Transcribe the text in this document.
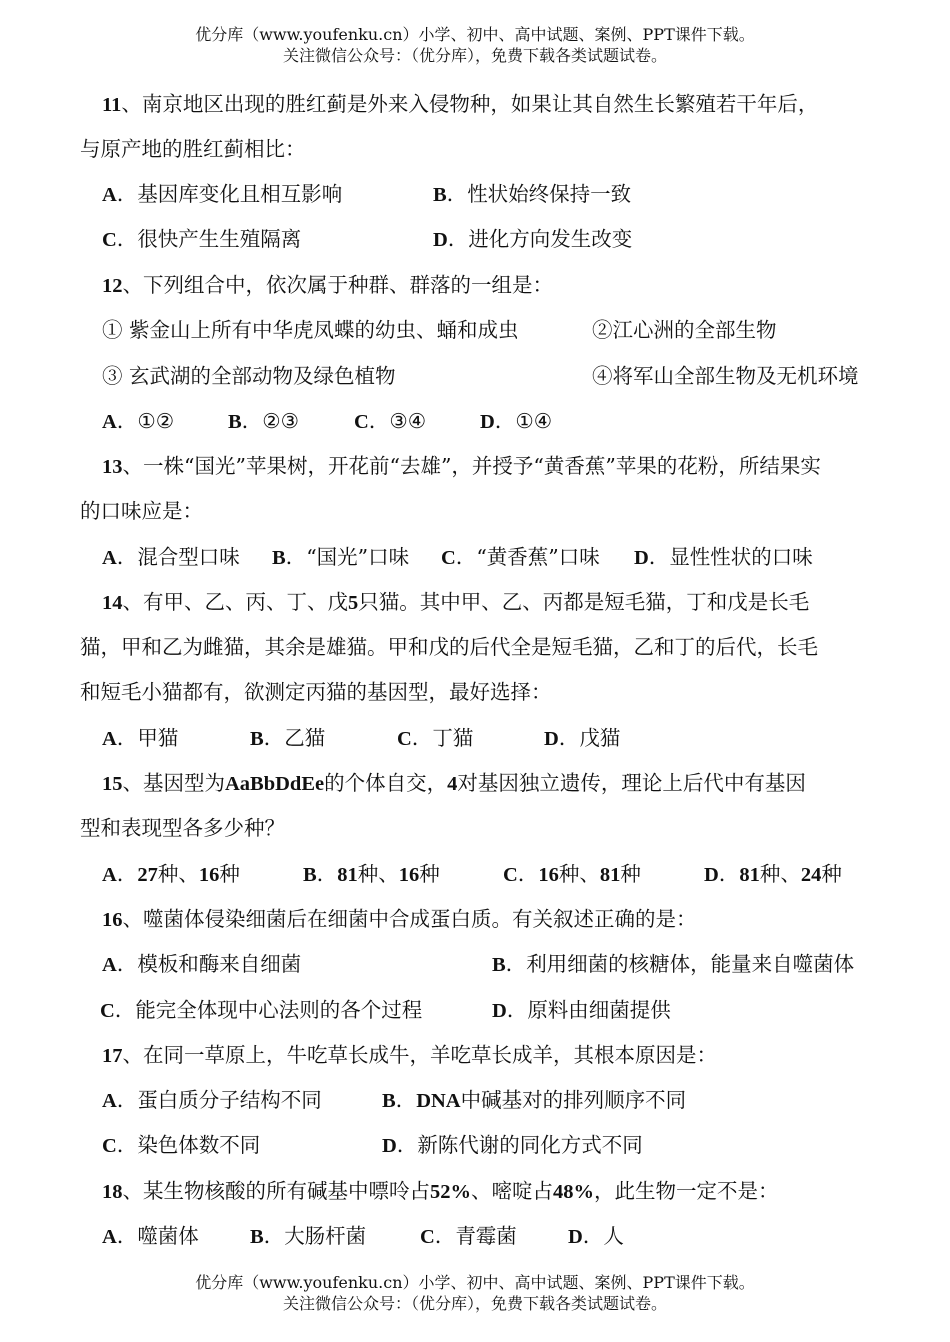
优分库（www.youfenku.cn）小学、初中、高中试题、案例、PPT课件下载。
关注微信公众号：（优分库），免费下载各类试题试卷。
11、南京地区出现的胜红蓟是外来入侵物种，如果让其自然生长繁殖若干年后，
与原产地的胜红蓟相比：
A．基因库变化且相互影响	B．性状始终保持一致
C．很快产生生殖隔离	D．进化方向发生改变
12、下列组合中，依次属于种群、群落的一组是：
① 紫金山上所有中华虎凤蝶的幼虫、蛹和成虫	②江心洲的全部生物
③ 玄武湖的全部动物及绿色植物	④将军山全部生物及无机环境
A．①②	B．②③	C．③④	D．①④
13、一株“国光”苹果树，开花前“去雄”，并授予“黄香蕉”苹果的花粉，所结果实
的口味应是：
A．混合型口味 B．“国光”口味 C．“黄香蕉”口味 D．显性性状的口味
14、有甲、乙、丙、丁、戊5只猫。其中甲、乙、丙都是短毛猫，丁和戊是长毛
猫，甲和乙为雌猫，其余是雄猫。甲和戊的后代全是短毛猫，乙和丁的后代，长毛
和短毛小猫都有，欲测定丙猫的基因型，最好选择：
A．甲猫	B．乙猫	C．丁猫	D．戊猫
15、基因型为AaBbDdEe的个体自交，4对基因独立遗传，理论上后代中有基因
型和表现型各多少种？
A．27种、16种	B．81种、16种	C．16种、81种	D．81种、24种
16、噬菌体侵染细菌后在细菌中合成蛋白质。有关叙述正确的是：
A．模板和酶来自细菌	B．利用细菌的核糖体，能量来自噬菌体
C．能完全体现中心法则的各个过程	D．原料由细菌提供
17、在同一草原上，牛吃草长成牛，羊吃草长成羊，其根本原因是：
A．蛋白质分子结构不同	B．DNA中碱基对的排列顺序不同
C．染色体数不同	D．新陈代谢的同化方式不同
18、某生物核酸的所有碱基中嘌呤占52%、嘧啶占48%，此生物一定不是：
A．噬菌体 B．大肠杆菌	C．青霉菌 D．人
优分库（www.youfenku.cn）小学、初中、高中试题、案例、PPT课件下载。
关注微信公众号：（优分库），免费下载各类试题试卷。
